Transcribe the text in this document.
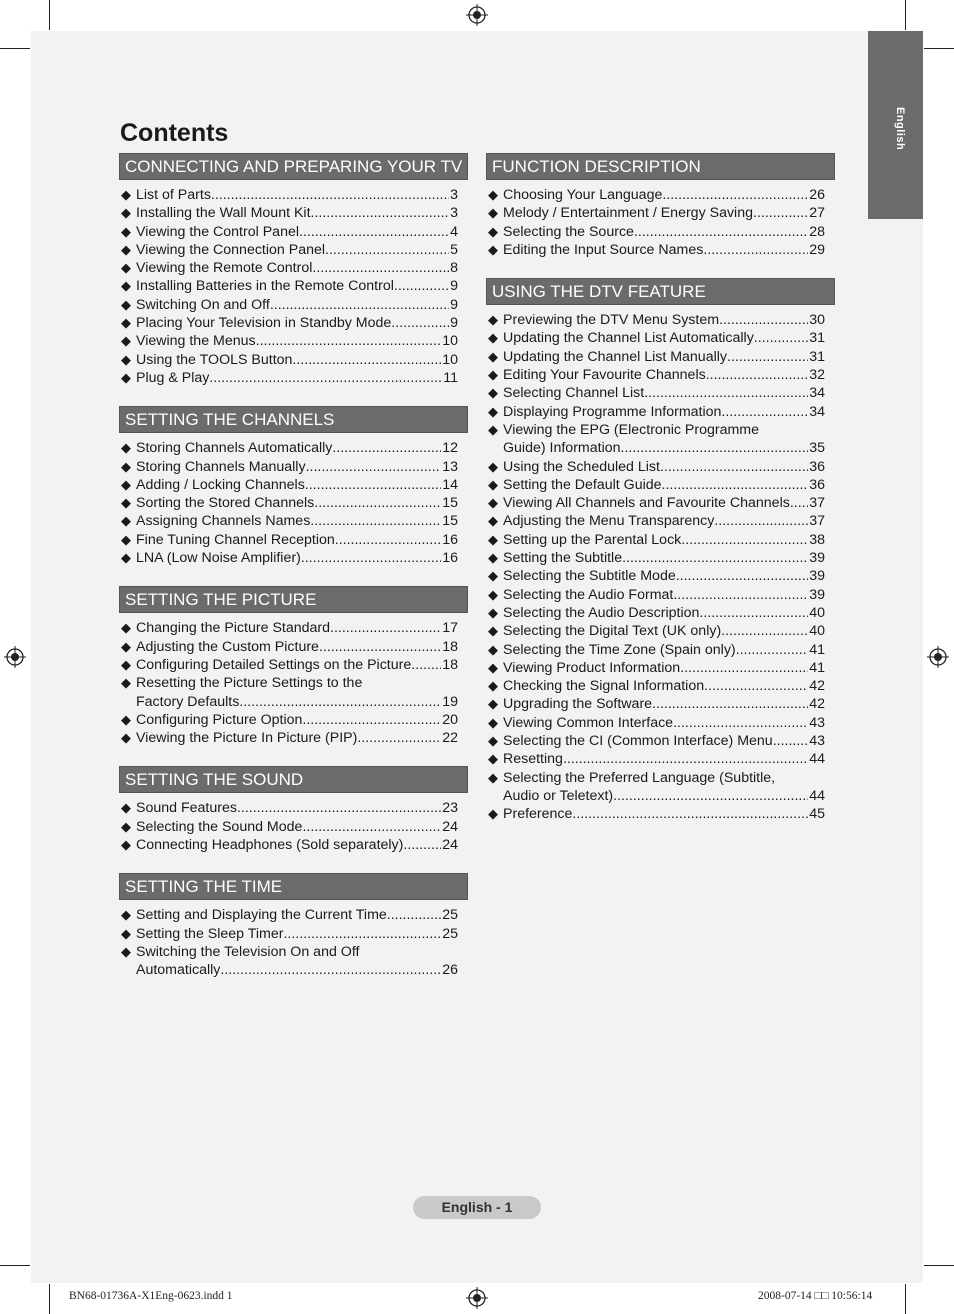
English
Contents
CONNECTING AND PREPARING YOUR TV
◆ List of Parts .....	3
◆ Installing the Wall Mount Kit .....	3
◆ Viewing the Control Panel .....	4
◆ Viewing the Connection Panel .....	5
◆ Viewing the Remote Control .....	8
◆ Installing Batteries in the Remote Control .....	9
◆ Switching On and Off .....	9
◆ Placing Your Television in Standby Mode .....	9
◆ Viewing the Menus .....	10
◆ Using the TOOLS Button .....	10
◆ Plug & Play .....	11
SETTING THE CHANNELS
◆ Storing Channels Automatically .....	12
◆ Storing Channels Manually .....	13
◆ Adding / Locking Channels .....	14
◆ Sorting the Stored Channels .....	15
◆ Assigning Channels Names .....	15
◆ Fine Tuning Channel Reception .....	16
◆ LNA (Low Noise Amplifier) .....	16
SETTING THE PICTURE
◆ Changing the Picture Standard .....	17
◆ Adjusting the Custom Picture .....	18
◆ Configuring Detailed Settings on the Picture ..... 18
◆ Resetting the Picture Settings to the
Factory Defaults .....	19
◆ Configuring Picture Option .....	20
◆ Viewing the Picture In Picture (PIP) .....	22
SETTING THE SOUND
◆ Sound Features .....	23
◆ Selecting the Sound Mode .....	24
◆ Connecting Headphones (Sold separately) .....	24
SETTING THE TIME
◆ Setting and Displaying the Current Time .....	25
◆ Setting the Sleep Timer .....	25
◆ Switching the Television On and Off
Automatically .....	26
FUNCTION DESCRIPTION
◆ Choosing Your Language .....	26
◆ Melody / Entertainment / Energy Saving .....	27
◆ Selecting the Source .....	28
◆ Editing the Input Source Names .....	29
USING THE DTV FEATURE
◆ Previewing the DTV Menu System .....	30
◆ Updating the Channel List Automatically .....	31
◆ Updating the Channel List Manually .....	31
◆ Editing Your Favourite Channels .....	32
◆ Selecting Channel List .....	34
◆ Displaying Programme Information .....	34
◆ Viewing the EPG (Electronic Programme
Guide) Information .....	35
◆ Using the Scheduled List .....	36
◆ Setting the Default Guide .....	36
◆ Viewing All Channels and Favourite Channels ..... 37
◆ Adjusting the Menu Transparency .....	37
◆ Setting up the Parental Lock .....	38
◆ Setting the Subtitle .....	39
◆ Selecting the Subtitle Mode .....	39
◆ Selecting the Audio Format .....	39
◆ Selecting the Audio Description .....	40
◆ Selecting the Digital Text (UK only) .....	40
◆ Selecting the Time Zone (Spain only) .....	41
◆ Viewing Product Information .....	41
◆ Checking the Signal Information .....	42
◆ Upgrading the Software .....	42
◆ Viewing Common Interface .....	43
◆ Selecting the CI (Common Interface) Menu .....	43
◆ Resetting .....	44
◆ Selecting the Preferred Language (Subtitle,
Audio or Teletext) .....	44
◆ Preference .....	45
English - 1
BN68-01736A-X1Eng-0623.indd 1	2008-07-14 □□ 10:56:14
